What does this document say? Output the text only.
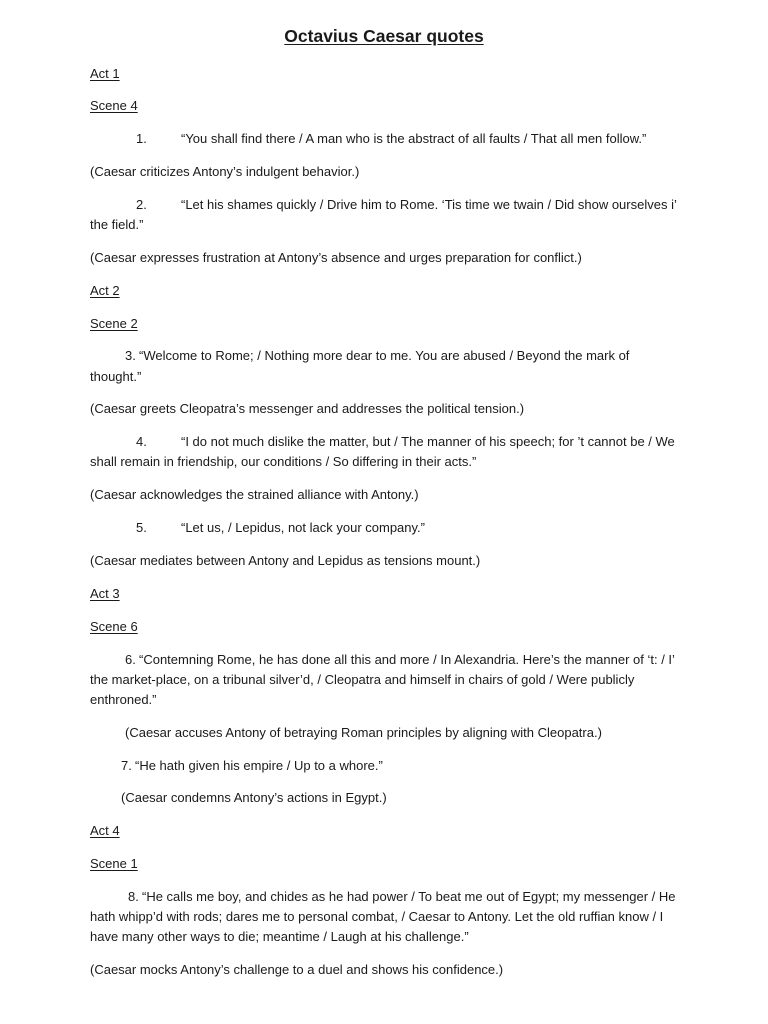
Octavius Caesar quotes
Act 1
Scene 4
1.	“You shall find there / A man who is the abstract of all faults / That all men follow.”
(Caesar criticizes Antony’s indulgent behavior.)
2.	“Let his shames quickly / Drive him to Rome. ‘Tis time we twain / Did show ourselves i’
the field.”
(Caesar expresses frustration at Antony’s absence and urges preparation for conflict.)
Act 2
Scene 2
3. “Welcome to Rome; / Nothing more dear to me. You are abused / Beyond the mark of
thought.”
(Caesar greets Cleopatra’s messenger and addresses the political tension.)
4.	“I do not much dislike the matter, but / The manner of his speech; for ’t cannot be / We
shall remain in friendship, our conditions / So differing in their acts.”
(Caesar acknowledges the strained alliance with Antony.)
5.	“Let us, / Lepidus, not lack your company.”
(Caesar mediates between Antony and Lepidus as tensions mount.)
Act 3
Scene 6
6. “Contemning Rome, he has done all this and more / In Alexandria. Here’s the manner of ‘t: / I’
the market-place, on a tribunal silver’d, / Cleopatra and himself in chairs of gold / Were publicly
enthroned.”
(Caesar accuses Antony of betraying Roman principles by aligning with Cleopatra.)
7. “He hath given his empire / Up to a whore.”
(Caesar condemns Antony’s actions in Egypt.)
Act 4
Scene 1
8. “He calls me boy, and chides as he had power / To beat me out of Egypt; my messenger / He
hath whipp’d with rods; dares me to personal combat, / Caesar to Antony. Let the old ruffian know / I
have many other ways to die; meantime / Laugh at his challenge.”
(Caesar mocks Antony’s challenge to a duel and shows his confidence.)
